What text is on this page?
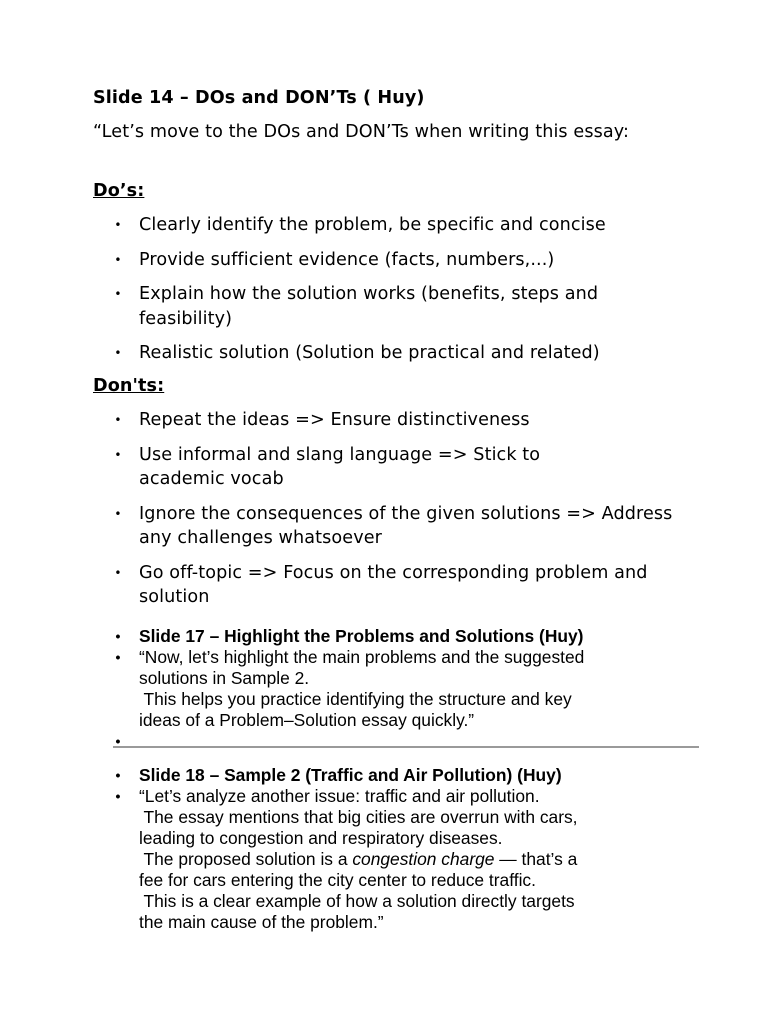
Slide 14 – DOs and DON’Ts ( Huy)
“Let’s move to the DOs and DON’Ts when writing this essay:
Do’s:
• Clearly identify the problem, be specific and concise
• Provide sufficient evidence (facts, numbers,...)
• Explain how the solution works (benefits, steps and feasibility)
• Realistic solution (Solution be practical and related)
Don'ts:
• Repeat the ideas => Ensure distinctiveness
• Use informal and slang language => Stick to academic vocab
• Ignore the consequences of the given solutions => Address any challenges whatsoever
• Go off-topic => Focus on the corresponding problem and solution
• Slide 17 – Highlight the Problems and Solutions (Huy)
• “Now, let’s highlight the main problems and the suggested
solutions in Sample 2.
This helps you practice identifying the structure and key
ideas of a Problem–Solution essay quickly.”
•

• Slide 18 – Sample 2 (Traffic and Air Pollution) (Huy)
• “Let’s analyze another issue: traffic and air pollution.
The essay mentions that big cities are overrun with cars,
leading to congestion and respiratory diseases.
The proposed solution is a congestion charge — that’s a
fee for cars entering the city center to reduce traffic.
This is a clear example of how a solution directly targets
the main cause of the problem.”
